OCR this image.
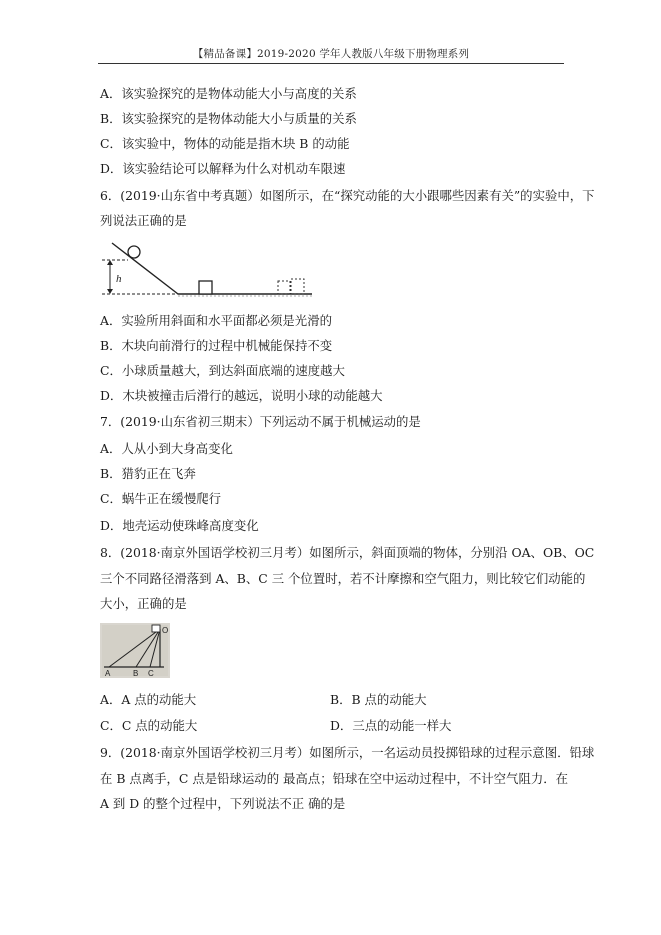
【精品备课】2019-2020 学年人教版八年级下册物理系列
A．该实验探究的是物体动能大小与高度的关系
B．该实验探究的是物体动能大小与质量的关系
C．该实验中，物体的动能是指木块 B 的动能
D．该实验结论可以解释为什么对机动车限速
6．(2019·山东省中考真题）如图所示，在“探究动能的大小跟哪些因素有关”的实验中，下
列说法正确的是
h
A．实验所用斜面和水平面都必须是光滑的
B．木块向前滑行的过程中机械能保持不变
C．小球质量越大，到达斜面底端的速度越大
D．木块被撞击后滑行的越远，说明小球的动能越大
7．(2019·山东省初三期末）下列运动不属于机械运动的是
A．人从小到大身高变化
B．猎豹正在飞奔
C．蜗牛正在缓慢爬行
D．地壳运动使珠峰高度变化
8．(2018·南京外国语学校初三月考）如图所示，斜面顶端的物体，分别沿 OA、OB、OC
三个不同路径滑落到 A、B、C 三 个位置时，若不计摩擦和空气阻力，则比较它们动能的
大小，正确的是
O
A	B C
A．A 点的动能大	B．B 点的动能大
C．C 点的动能大	D．三点的动能一样大
9．(2018·南京外国语学校初三月考）如图所示，一名运动员投掷铅球的过程示意图．铅球
在 B 点离手，C 点是铅球运动的 最高点；铅球在空中运动过程中，不计空气阻力．在
A 到 D 的整个过程中，下列说法不正 确的是
